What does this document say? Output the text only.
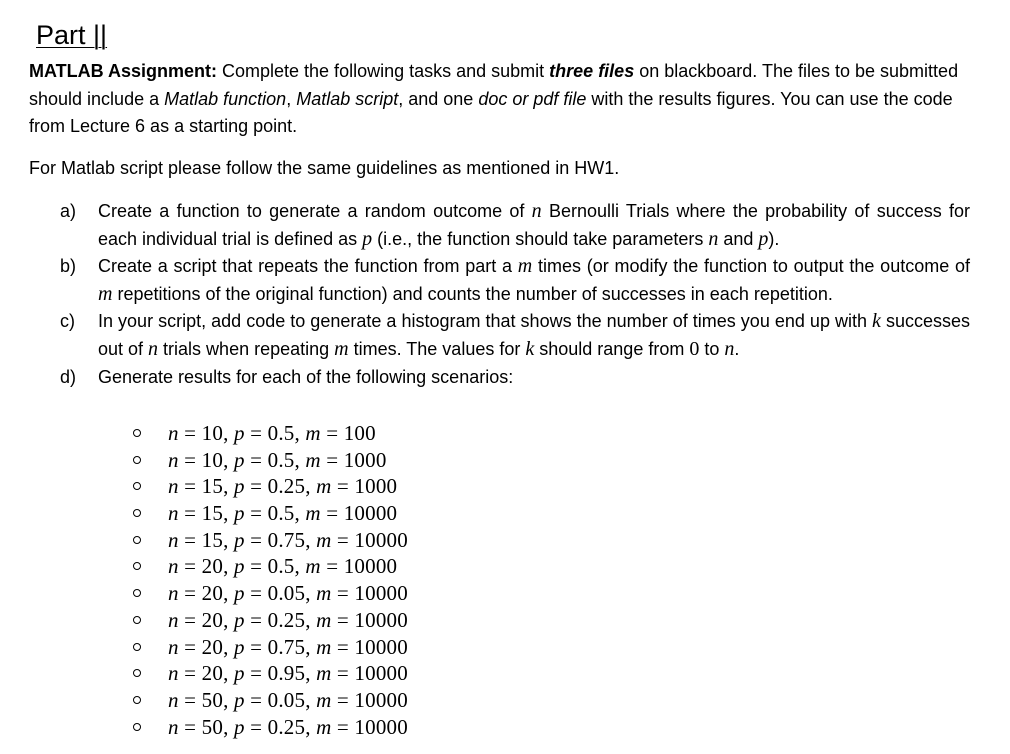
Part ||
MATLAB Assignment: Complete the following tasks and submit three files on blackboard. The files to be submitted should include a Matlab function, Matlab script, and one doc or pdf file with the results figures. You can use the code from Lecture 6 as a starting point.
For Matlab script please follow the same guidelines as mentioned in HW1.
a) Create a function to generate a random outcome of n Bernoulli Trials where the probability of success for each individual trial is defined as p (i.e., the function should take parameters n and p).
b) Create a script that repeats the function from part a m times (or modify the function to output the outcome of m repetitions of the original function) and counts the number of successes in each repetition.
c) In your script, add code to generate a histogram that shows the number of times you end up with k successes out of n trials when repeating m times. The values for k should range from 0 to n.
d) Generate results for each of the following scenarios:
n = 10, p = 0.5, m = 100
n = 10, p = 0.5, m = 1000
n = 15, p = 0.25, m = 1000
n = 15, p = 0.5, m = 10000
n = 15, p = 0.75, m = 10000
n = 20, p = 0.5, m = 10000
n = 20, p = 0.05, m = 10000
n = 20, p = 0.25, m = 10000
n = 20, p = 0.75, m = 10000
n = 20, p = 0.95, m = 10000
n = 50, p = 0.05, m = 10000
n = 50, p = 0.25, m = 10000
